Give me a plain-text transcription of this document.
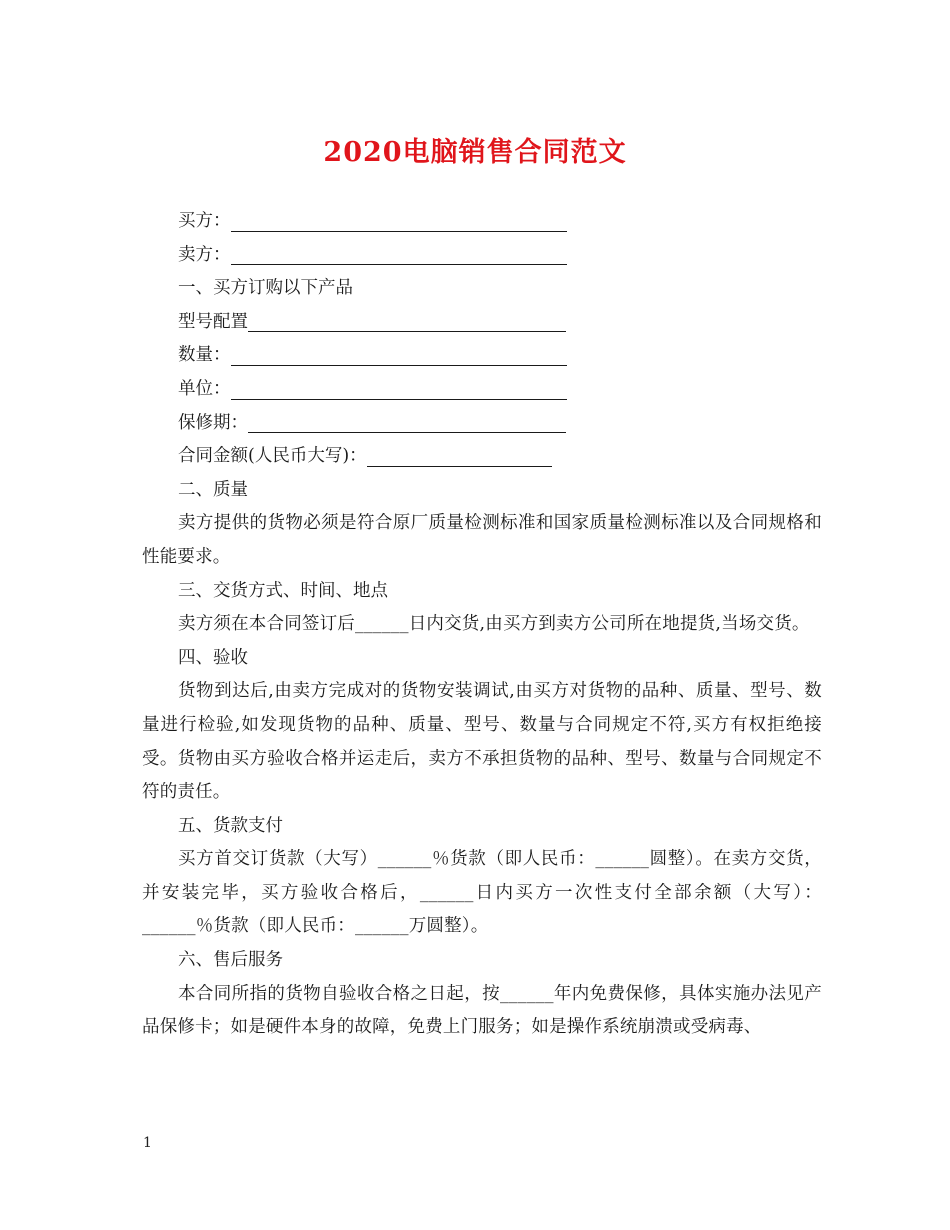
2020电脑销售合同范文
买方：
卖方：
一、买方订购以下产品
型号配置
数量：
单位：
保修期：
合同金额(人民币大写)：
二、质量
卖方提供的货物必须是符合原厂质量检测标准和国家质量检测标准以及合同规格和性能要求。
三、交货方式、时间、地点
卖方须在本合同签订后______日内交货,由买方到卖方公司所在地提货,当场交货。
四、验收
货物到达后,由卖方完成对的货物安装调试,由买方对货物的品种、质量、型号、数量进行检验,如发现货物的品种、质量、型号、数量与合同规定不符,买方有权拒绝接受。货物由买方验收合格并运走后，卖方不承担货物的品种、型号、数量与合同规定不符的责任。
五、货款支付
买方首交订货款（大写）______％货款（即人民币：______圆整）。在卖方交货，并安装完毕，买方验收合格后，______日内买方一次性支付全部余额（大写）：______％货款（即人民币：______万圆整）。
六、售后服务
本合同所指的货物自验收合格之日起，按______年内免费保修，具体实施办法见产品保修卡；如是硬件本身的故障，免费上门服务；如是操作系统崩溃或受病毒、
1
